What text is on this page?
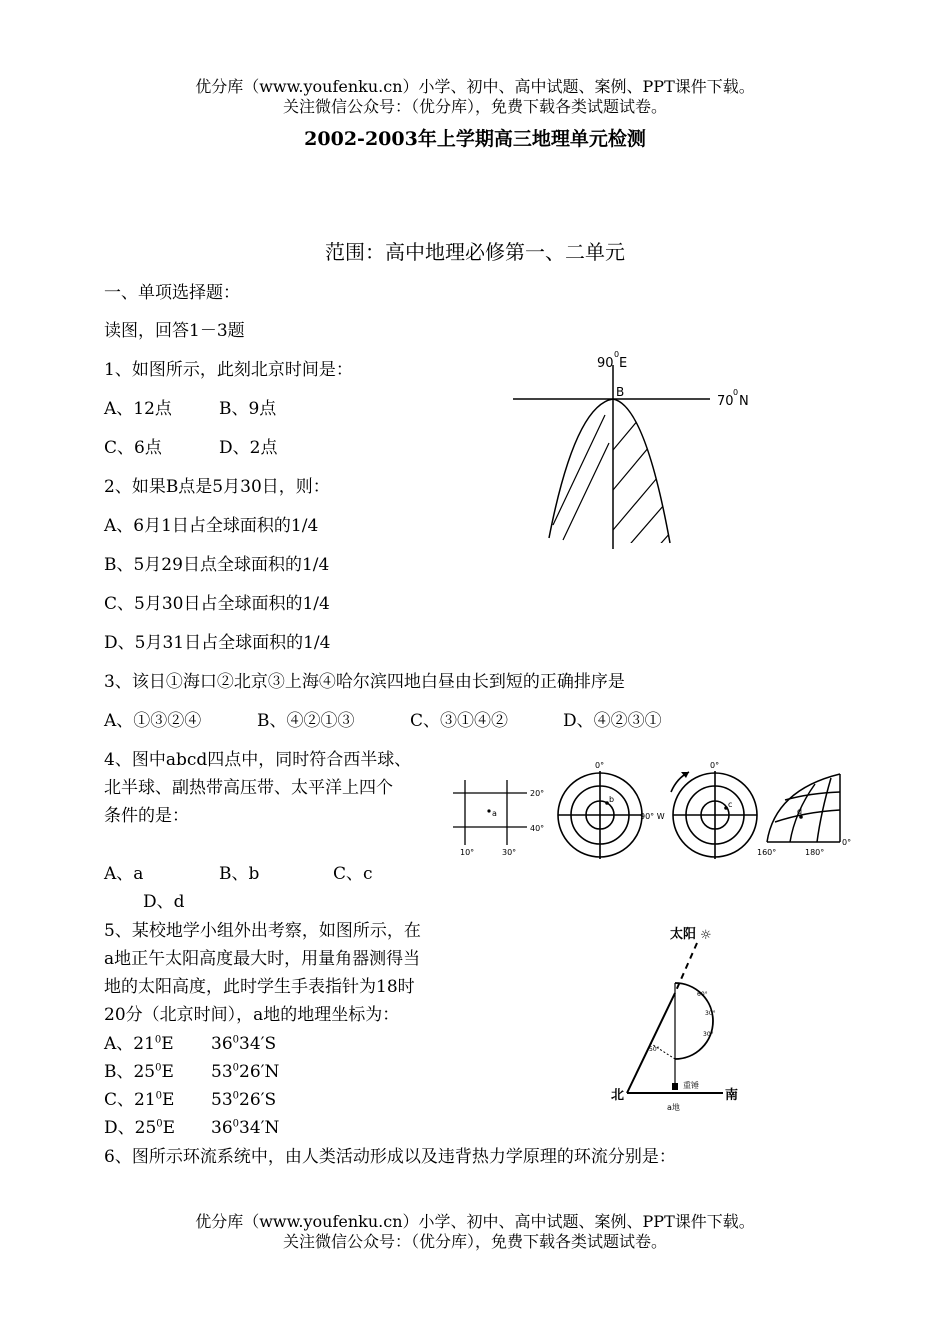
优分库（www.youfenku.cn）小学、初中、高中试题、案例、PPT课件下载。
关注微信公众号：（优分库），免费下载各类试题试卷。
2002-2003年上学期高三地理单元检测
范围：高中地理必修第一、二单元
一、单项选择题：
读图，回答1－3题
1、如图所示，此刻北京时间是：
A、12点	B、9点
C、6点	D、2点
2、如果B点是5月30日，则：
A、6月1日占全球面积的1/4
B、5月29日点全球面积的1/4
C、5月30日占全球面积的1/4
D、5月31日占全球面积的1/4
3、该日①海口②北京③上海④哈尔滨四地白昼由长到短的正确排序是
A、①③②④	B、④②①③	C、③①④②	D、④②③①
4、图中abcd四点中，同时符合西半球、
北半球、副热带高压带、太平洋上四个
条件的是：
A、a	B、b	C、c
D、d
5、某校地学小组外出考察，如图所示，在
a地正午太阳高度最大时，用量角器测得当
地的太阳高度，此时学生手表指针为18时
20分（北京时间），a地的地理坐标为：
A、$21^0E$ $36^034'S$
B、$25^0E$ $53^026'N$
C、$21^0E$ $53^026'S$
D、$25^0E$ $36^034'N$
6、图所示环流系统中，由人类活动形成以及违背热力学原理的环流分别是：
优分库（www.youfenku.cn）小学、初中、高中试题、案例、PPT课件下载。
关注微信公众号：（优分库），免费下载各类试题试卷。
90
0
E
B
70
0
N
a
20°
40°
10°	30°
b
0°
90° W
c
0°
d
160°	180°
0°
太阳 ☼
60°
30°
30°
50°
重锤
北	南
a地
